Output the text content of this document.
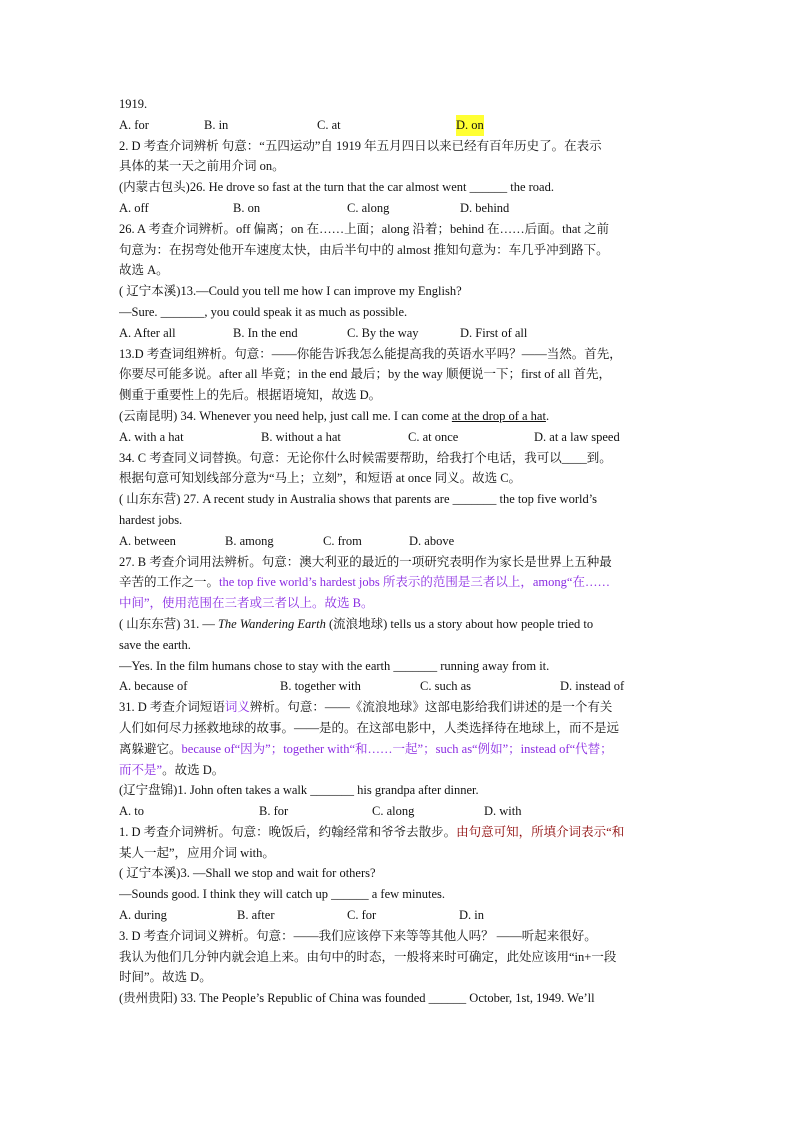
1919.
A. for	B. in	C. at	D. on
2. D 考查介词辨析 句意：“五四运动”自 1919 年五月四日以来已经有百年历史了。在表示
具体的某一天之前用介词 on。
(内蒙古包头)26. He drove so fast at the turn that the car almost went ______ the road.
A. off	B. on	C. along	D. behind
26. A 考查介词辨析。off 偏离；on 在……上面；along 沿着；behind 在……后面。that 之前
句意为：在拐弯处他开车速度太快，由后半句中的 almost 推知句意为：车几乎冲到路下。
故选 A。
( 辽宁本溪)13.—Could you tell me how I can improve my English?
—Sure. _______, you could speak it as much as possible.
A. After all	B. In the end	C. By the way	D. First of all
13.D 考查词组辨析。句意：——你能告诉我怎么能提高我的英语水平吗？——当然。首先，
你要尽可能多说。after all 毕竟；in the end 最后；by the way 顺便说一下；first of all 首先，
侧重于重要性上的先后。根据语境知，故选 D。
(云南昆明) 34. Whenever you need help, just call me. I can come at the drop of a hat.
A. with a hat	B. without a hat	C. at once	D. at a law speed
34. C 考查同义词替换。句意：无论你什么时候需要帮助，给我打个电话，我可以____到。
根据句意可知划线部分意为“马上；立刻”，和短语 at once 同义。故选 C。
( 山东东营) 27. A recent study in Australia shows that parents are _______ the top five world’s
hardest jobs.
A. between	B. among	C. from	D. above
27. B 考查介词用法辨析。句意：澳大利亚的最近的一项研究表明作为家长是世界上五种最
辛苦的工作之一。the top five world’s hardest jobs 所表示的范围是三者以上，among“在……
中间”，使用范围在三者或三者以上。故选 B。
( 山东东营) 31. — The Wandering Earth (流浪地球) tells us a story about how people tried to
save the earth.
—Yes. In the film humans chose to stay with the earth _______ running away from it.
A. because of	B. together with	C. such as	D. instead of
31. D 考查介词短语词义辨析。句意：——《流浪地球》这部电影给我们讲述的是一个有关
人们如何尽力拯救地球的故事。——是的。在这部电影中，人类选择待在地球上，而不是远
离躲避它。because of“因为”；together with“和……一起”；such as“例如”；instead of“代替；
而不是”。故选 D。
(辽宁盘锦)1. John often takes a walk _______ his grandpa after dinner.
A. to	B. for	C. along	D. with
1. D 考查介词辨析。句意：晚饭后，约翰经常和爷爷去散步。由句意可知，所填介词表示“和
某人一起”，应用介词 with。
( 辽宁本溪)3. —Shall we stop and wait for others?
—Sounds good. I think they will catch up ______ a few minutes.
A. during	B. after	C. for	D. in
3. D 考查介词词义辨析。句意：——我们应该停下来等等其他人吗？ ——听起来很好。
我认为他们几分钟内就会追上来。由句中的时态，一般将来时可确定，此处应该用“in+一段
时间”。故选 D。
(贵州贵阳) 33. The People’s Republic of China was founded ______ October, 1st, 1949. We’ll
